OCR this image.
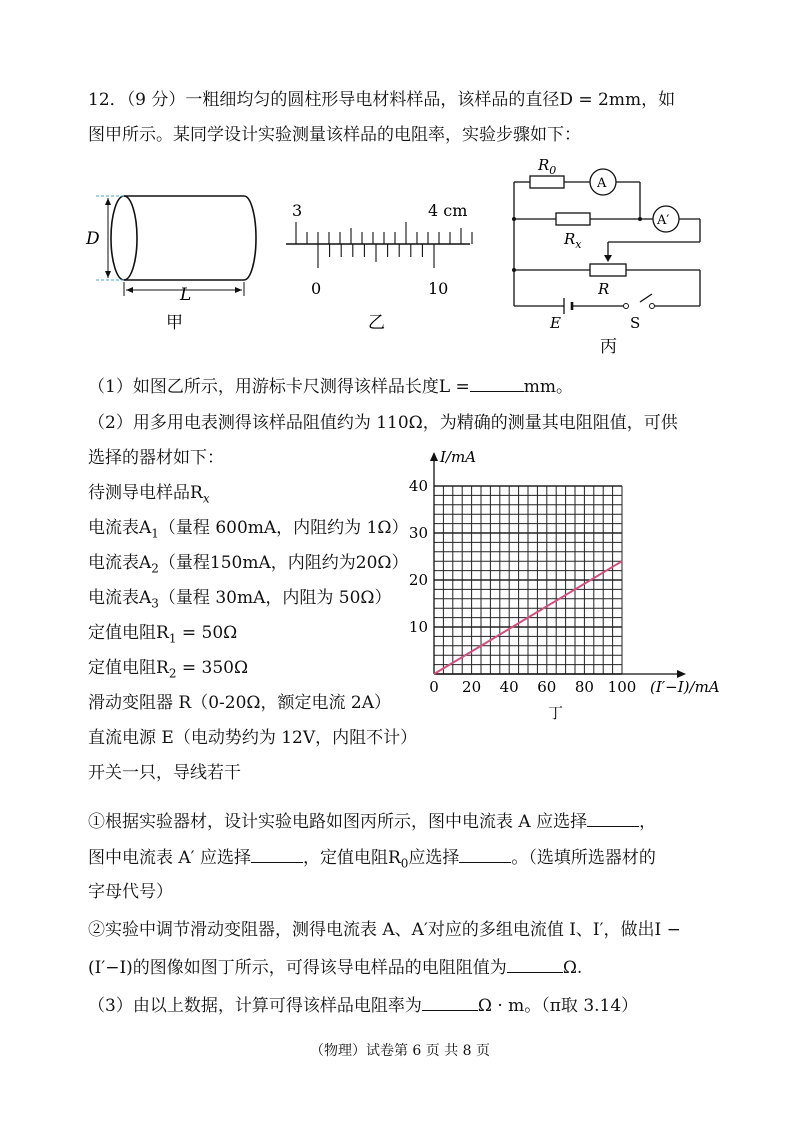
12．（9 分）一粗细均匀的圆柱形导电材料样品，该样品的直径D = 2mm，如
图甲所示。某同学设计实验测量该样品的电阻率，实验步骤如下：
D
L
甲
3	4 cm
0	10
乙
$R_0$
A
A′
$R_x$
R
E	S
丙
（1）如图乙所示，用游标卡尺测得该样品长度L =	mm。
（2）用多用电表测得该样品阻值约为 110Ω，为精确的测量其电阻阻值，可供
选择的器材如下：
待测导电样品$R_x$
电流表$A_1$（量程 600mA，内阻约为 1Ω）
电流表$A_2$（量程150mA，内阻约为20Ω）
电流表$A_3$（量程 30mA，内阻为 50Ω）
定值电阻$R_1 = 50\Omega$
定值电阻$R_2 = 350\Omega$
滑动变阻器 R（0-20Ω，额定电流 2A）
直流电源 E（电动势约为 12V，内阻不计）
开关一只，导线若干
0 20 40 60 80 100
10
20
30
40
I/mA
(I′−I)/mA
丁
①根据实验器材，设计实验电路如图丙所示，图中电流表 A 应选择	，
图中电流表 A′ 应选择	，定值电阻$R_0$应选择	。（选填所选器材的
字母代号）
②实验中调节滑动变阻器，测得电流表 A、A′对应的多组电流值 I、I′，做出I −
(I′−I)的图像如图丁所示，可得该导电样品的电阻阻值为	Ω.
（3）由以上数据，计算可得该样品电阻率为	Ω · m。（π取 3.14）
（物理）试卷第 6 页 共 8 页
